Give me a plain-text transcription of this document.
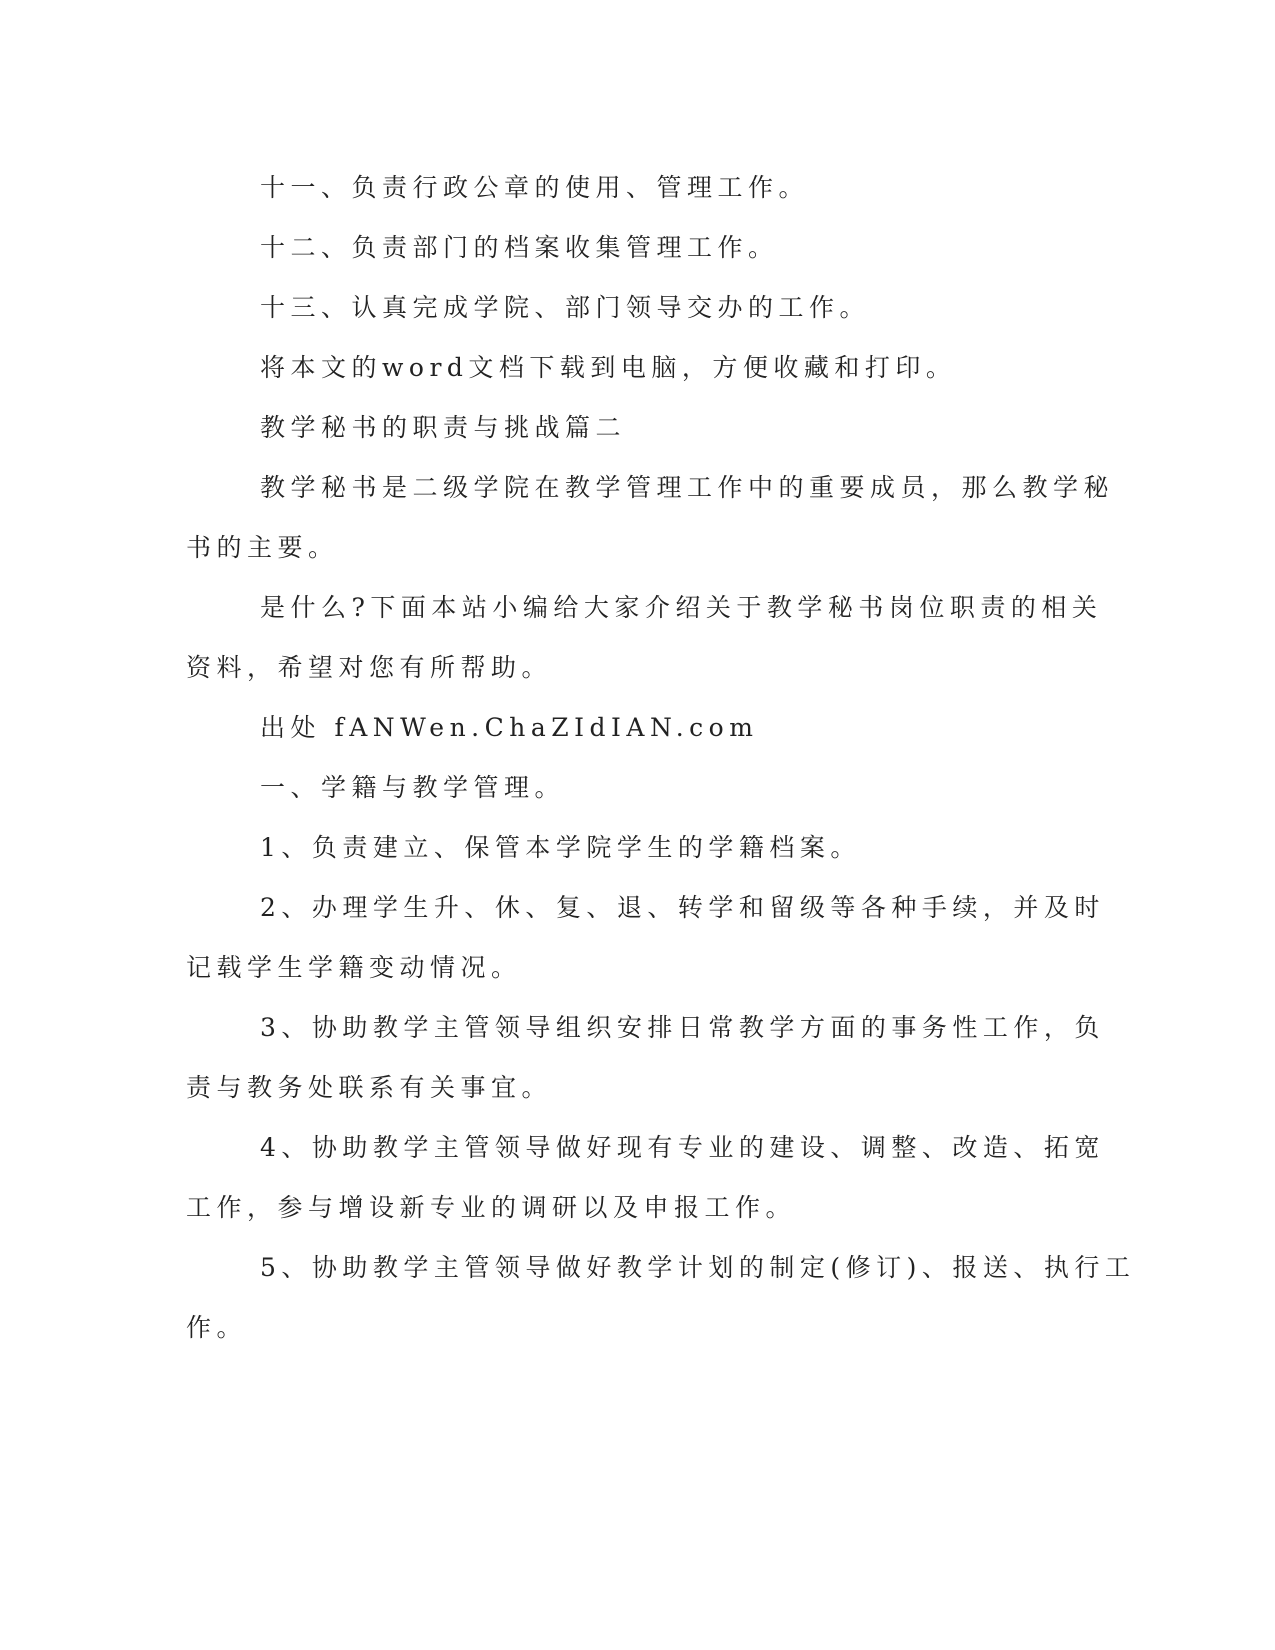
十一、负责行政公章的使用、管理工作。

十二、负责部门的档案收集管理工作。

十三、认真完成学院、部门领导交办的工作。

将本文的word文档下载到电脑，方便收藏和打印。

教学秘书的职责与挑战篇二

教学秘书是二级学院在教学管理工作中的重要成员，那么教学秘
书的主要。

是什么?下面本站小编给大家介绍关于教学秘书岗位职责的相关
资料，希望对您有所帮助。

出处 fANWen.ChaZIdIAN.com

一、学籍与教学管理。

1、负责建立、保管本学院学生的学籍档案。

2、办理学生升、休、复、退、转学和留级等各种手续，并及时
记载学生学籍变动情况。

3、协助教学主管领导组织安排日常教学方面的事务性工作，负
责与教务处联系有关事宜。

4、协助教学主管领导做好现有专业的建设、调整、改造、拓宽
工作，参与增设新专业的调研以及申报工作。

5、协助教学主管领导做好教学计划的制定(修订)、报送、执行工
作。
